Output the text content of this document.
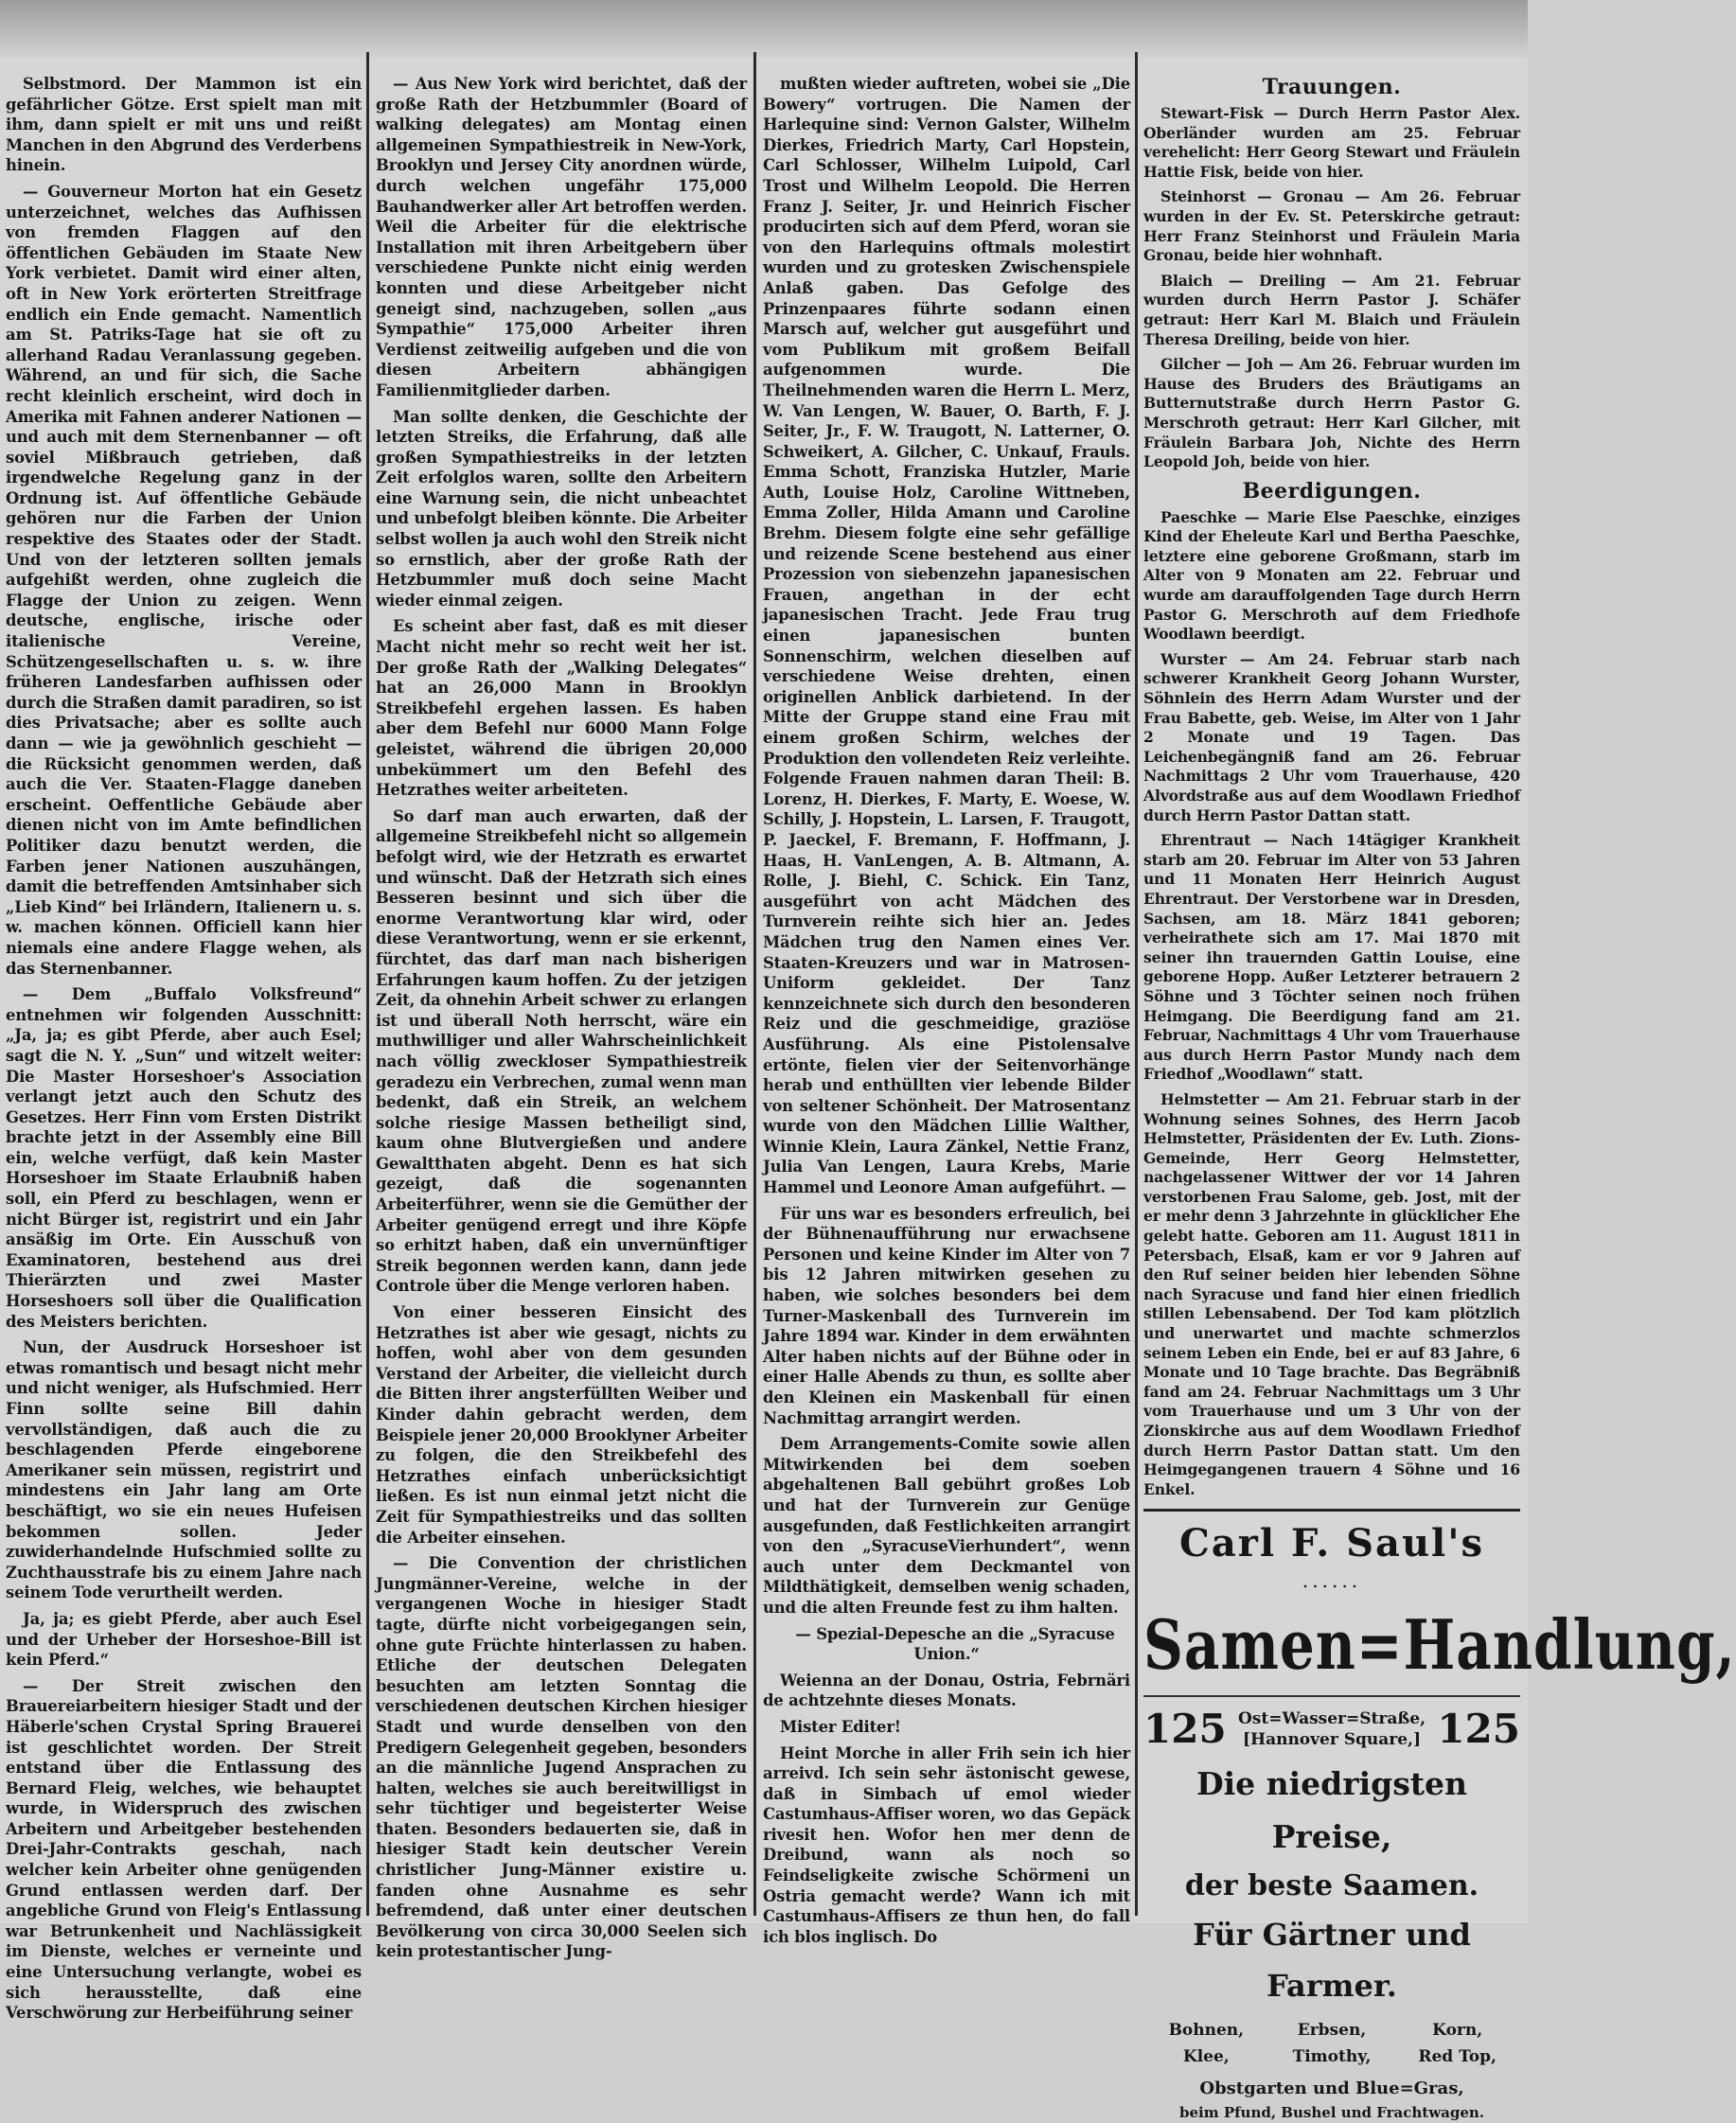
Selbstmord. Der Mammon ist ein gefährlicher Götze. Erst spielt man mit ihm, dann spielt er mit uns und reißt Manchen in den Abgrund des Verderbens hinein.

— Gouverneur Morton hat ein Gesetz unterzeichnet, welches das Aufhissen von fremden Flaggen auf den öffentlichen Gebäuden im Staate New York verbietet. Damit wird einer alten, oft in New York erörterten Streitfrage endlich ein Ende gemacht. Namentlich am St. Patriks-Tage hat sie oft zu allerhand Radau Veranlassung gegeben. Während, an und für sich, die Sache recht kleinlich erscheint, wird doch in Amerika mit Fahnen anderer Nationen — und auch mit dem Sternenbanner — oft soviel Mißbrauch getrieben, daß irgendwelche Regelung ganz in der Ordnung ist. Auf öffentliche Gebäude gehören nur die Farben der Union respektive des Staates oder der Stadt. Und von der letzteren sollten jemals aufgehißt werden, ohne zugleich die Flagge der Union zu zeigen. Wenn deutsche, englische, irische oder italienische Vereine, Schützengesellschaften u. s. w. ihre früheren Landesfarben aufhissen oder durch die Straßen damit paradiren, so ist dies Privatsache; aber es sollte auch dann — wie ja gewöhnlich geschieht — die Rücksicht genommen werden, daß auch die Ver. Staaten-Flagge daneben erscheint. Oeffentliche Gebäude aber dienen nicht von im Amte befindlichen Politiker dazu benutzt werden, die Farben jener Nationen auszuhängen, damit die betreffenden Amtsinhaber sich „Lieb Kind“ bei Irländern, Italienern u. s. w. machen können. Officiell kann hier niemals eine andere Flagge wehen, als das Sternenbanner.

— Dem „Buffalo Volksfreund“ entnehmen wir folgenden Ausschnitt: „Ja, ja; es gibt Pferde, aber auch Esel; sagt die N. Y. „Sun“ und witzelt weiter: Die Master Horseshoer's Association verlangt jetzt auch den Schutz des Gesetzes. Herr Finn vom Ersten Distrikt brachte jetzt in der Assembly eine Bill ein, welche verfügt, daß kein Master Horseshoer im Staate Erlaubniß haben soll, ein Pferd zu beschlagen, wenn er nicht Bürger ist, registrirt und ein Jahr ansäßig im Orte. Ein Ausschuß von Examinatoren, bestehend aus drei Thierärzten und zwei Master Horseshoers soll über die Qualification des Meisters berichten.

Nun, der Ausdruck Horseshoer ist etwas romantisch und besagt nicht mehr und nicht weniger, als Hufschmied. Herr Finn sollte seine Bill dahin vervollständigen, daß auch die zu beschlagenden Pferde eingeborene Amerikaner sein müssen, registrirt und mindestens ein Jahr lang am Orte beschäftigt, wo sie ein neues Hufeisen bekommen sollen. Jeder zuwiderhandelnde Hufschmied sollte zu Zuchthausstrafe bis zu einem Jahre nach seinem Tode verurtheilt werden.

Ja, ja; es giebt Pferde, aber auch Esel und der Urheber der Horseshoe-Bill ist kein Pferd.“

— Der Streit zwischen den Brauereiarbeitern hiesiger Stadt und der Häberle'schen Crystal Spring Brauerei ist geschlichtet worden. Der Streit entstand über die Entlassung des Bernard Fleig, welches, wie behauptet wurde, in Widerspruch des zwischen Arbeitern und Arbeitgeber bestehenden Drei-Jahr-Contrakts geschah, nach welcher kein Arbeiter ohne genügenden Grund entlassen werden darf. Der angebliche Grund von Fleig's Entlassung war Betrunkenheit und Nachlässigkeit im Dienste, welches er verneinte und eine Untersuchung verlangte, wobei es sich herausstellte, daß eine Verschwörung zur Herbeiführung seiner

— Aus New York wird berichtet, daß der große Rath der Hetzbummler (Board of walking delegates) am Montag einen allgemeinen Sympathiestreik in New-York, Brooklyn und Jersey City anordnen würde, durch welchen ungefähr 175,000 Bauhandwerker aller Art betroffen werden. Weil die Arbeiter für die elektrische Installation mit ihren Arbeitgebern über verschiedene Punkte nicht einig werden konnten und diese Arbeitgeber nicht geneigt sind, nachzugeben, sollen „aus Sympathie“ 175,000 Arbeiter ihren Verdienst zeitweilig aufgeben und die von diesen Arbeitern abhängigen Familienmitglieder darben.

Man sollte denken, die Geschichte der letzten Streiks, die Erfahrung, daß alle großen Sympathiestreiks in der letzten Zeit erfolglos waren, sollte den Arbeitern eine Warnung sein, die nicht unbeachtet und unbefolgt bleiben könnte. Die Arbeiter selbst wollen ja auch wohl den Streik nicht so ernstlich, aber der große Rath der Hetzbummler muß doch seine Macht wieder einmal zeigen.

Es scheint aber fast, daß es mit dieser Macht nicht mehr so recht weit her ist. Der große Rath der „Walking Delegates“ hat an 26,000 Mann in Brooklyn Streikbefehl ergehen lassen. Es haben aber dem Befehl nur 6000 Mann Folge geleistet, während die übrigen 20,000 unbekümmert um den Befehl des Hetzrathes weiter arbeiteten.

So darf man auch erwarten, daß der allgemeine Streikbefehl nicht so allgemein befolgt wird, wie der Hetzrath es erwartet und wünscht. Daß der Hetzrath sich eines Besseren besinnt und sich über die enorme Verantwortung klar wird, oder diese Verantwortung, wenn er sie erkennt, fürchtet, das darf man nach bisherigen Erfahrungen kaum hoffen. Zu der jetzigen Zeit, da ohnehin Arbeit schwer zu erlangen ist und überall Noth herrscht, wäre ein muthwilliger und aller Wahrscheinlichkeit nach völlig zweckloser Sympathiestreik geradezu ein Verbrechen, zumal wenn man bedenkt, daß ein Streik, an welchem solche riesige Massen betheiligt sind, kaum ohne Blutvergießen und andere Gewaltthaten abgeht. Denn es hat sich gezeigt, daß die sogenannten Arbeiterführer, wenn sie die Gemüther der Arbeiter genügend erregt und ihre Köpfe so erhitzt haben, daß ein unvernünftiger Streik begonnen werden kann, dann jede Controle über die Menge verloren haben.

Von einer besseren Einsicht des Hetzrathes ist aber wie gesagt, nichts zu hoffen, wohl aber von dem gesunden Verstand der Arbeiter, die vielleicht durch die Bitten ihrer angsterfüllten Weiber und Kinder dahin gebracht werden, dem Beispiele jener 20,000 Brooklyner Arbeiter zu folgen, die den Streikbefehl des Hetzrathes einfach unberücksichtigt ließen. Es ist nun einmal jetzt nicht die Zeit für Sympathiestreiks und das sollten die Arbeiter einsehen.

— Die Convention der christlichen Jungmänner-Vereine, welche in der vergangenen Woche in hiesiger Stadt tagte, dürfte nicht vorbeigegangen sein, ohne gute Früchte hinterlassen zu haben. Etliche der deutschen Delegaten besuchten am letzten Sonntag die verschiedenen deutschen Kirchen hiesiger Stadt und wurde denselben von den Predigern Gelegenheit gegeben, besonders an die männliche Jugend Ansprachen zu halten, welches sie auch bereitwilligst in sehr tüchtiger und begeisterter Weise thaten. Besonders bedauerten sie, daß in hiesiger Stadt kein deutscher Verein christlicher Jung-Männer existire u. fanden ohne Ausnahme es sehr befremdend, daß unter einer deutschen Bevölkerung von circa 30,000 Seelen sich kein protestantischer Jung-

mußten wieder auftreten, wobei sie „Die Bowery“ vortrugen. Die Namen der Harlequine sind: Vernon Galster, Wilhelm Dierkes, Friedrich Marty, Carl Hopstein, Carl Schlosser, Wilhelm Luipold, Carl Trost und Wilhelm Leopold. Die Herren Franz J. Seiter, Jr. und Heinrich Fischer producirten sich auf dem Pferd, woran sie von den Harlequins oftmals molestirt wurden und zu grotesken Zwischenspiele Anlaß gaben. Das Gefolge des Prinzenpaares führte sodann einen Marsch auf, welcher gut ausgeführt und vom Publikum mit großem Beifall aufgenommen wurde. Die Theilnehmenden waren die Herrn L. Merz, W. Van Lengen, W. Bauer, O. Barth, F. J. Seiter, Jr., F. W. Traugott, N. Latterner, O. Schweikert, A. Gilcher, C. Unkauf, Frauls. Emma Schott, Franziska Hutzler, Marie Auth, Louise Holz, Caroline Wittneben, Emma Zoller, Hilda Amann und Caroline Brehm. Diesem folgte eine sehr gefällige und reizende Scene bestehend aus einer Prozession von siebenzehn japanesischen Frauen, angethan in der echt japanesischen Tracht. Jede Frau trug einen japanesischen bunten Sonnenschirm, welchen dieselben auf verschiedene Weise drehten, einen originellen Anblick darbietend. In der Mitte der Gruppe stand eine Frau mit einem großen Schirm, welches der Produktion den vollendeten Reiz verleihte. Folgende Frauen nahmen daran Theil: B. Lorenz, H. Dierkes, F. Marty, E. Woese, W. Schilly, J. Hopstein, L. Larsen, F. Traugott, P. Jaeckel, F. Bremann, F. Hoffmann, J. Haas, H. VanLengen, A. B. Altmann, A. Rolle, J. Biehl, C. Schick. Ein Tanz, ausgeführt von acht Mädchen des Turnverein reihte sich hier an. Jedes Mädchen trug den Namen eines Ver. Staaten-Kreuzers und war in Matrosen-Uniform gekleidet. Der Tanz kennzeichnete sich durch den besonderen Reiz und die geschmeidige, graziöse Ausführung. Als eine Pistolensalve ertönte, fielen vier der Seitenvorhänge herab und enthüllten vier lebende Bilder von seltener Schönheit. Der Matrosentanz wurde von den Mädchen Lillie Walther, Winnie Klein, Laura Zänkel, Nettie Franz, Julia Van Lengen, Laura Krebs, Marie Hammel und Leonore Aman aufgeführt. —

Für uns war es besonders erfreulich, bei der Bühnenaufführung nur erwachsene Personen und keine Kinder im Alter von 7 bis 12 Jahren mitwirken gesehen zu haben, wie solches besonders bei dem Turner-Maskenball des Turnverein im Jahre 1894 war. Kinder in dem erwähnten Alter haben nichts auf der Bühne oder in einer Halle Abends zu thun, es sollte aber den Kleinen ein Maskenball für einen Nachmittag arrangirt werden.

Dem Arrangements-Comite sowie allen Mitwirkenden bei dem soeben abgehaltenen Ball gebührt großes Lob und hat der Turnverein zur Genüge ausgefunden, daß Festlichkeiten arrangirt von den „SyracuseVierhundert“, wenn auch unter dem Deckmantel von Mildthätigkeit, demselben wenig schaden, und die alten Freunde fest zu ihm halten.

— Spezial-Depesche an die „Syracuse Union.“

Weienna an der Donau, Ostria, Febrnäri de achtzehnte dieses Monats.

Mister Editer!

Heint Morche in aller Frih sein ich hier arreivd. Ich sein sehr ästonischt gewese, daß in Simbach uf emol wieder Castumhaus-Affiser woren, wo das Gepäck rivesit hen. Wofor hen mer denn de Dreibund, wann als noch so Feindseligkeite zwische Schörmeni un Ostria gemacht werde? Wann ich mit Castumhaus-Affisers ze thun hen, do fall ich blos inglisch. Do

Trauungen.

Stewart-Fisk — Durch Herrn Pastor Alex. Oberländer wurden am 25. Februar verehelicht: Herr Georg Stewart und Fräulein Hattie Fisk, beide von hier.

Steinhorst — Gronau — Am 26. Februar wurden in der Ev. St. Peterskirche getraut: Herr Franz Steinhorst und Fräulein Maria Gronau, beide hier wohnhaft.

Blaich — Dreiling — Am 21. Februar wurden durch Herrn Pastor J. Schäfer getraut: Herr Karl M. Blaich und Fräulein Theresa Dreiling, beide von hier.

Gilcher — Joh — Am 26. Februar wurden im Hause des Bruders des Bräutigams an Butternutstraße durch Herrn Pastor G. Merschroth getraut: Herr Karl Gilcher, mit Fräulein Barbara Joh, Nichte des Herrn Leopold Joh, beide von hier.

Beerdigungen.

Paeschke — Marie Else Paeschke, einziges Kind der Eheleute Karl und Bertha Paeschke, letztere eine geborene Großmann, starb im Alter von 9 Monaten am 22. Februar und wurde am darauffolgenden Tage durch Herrn Pastor G. Merschroth auf dem Friedhofe Woodlawn beerdigt.

Wurster — Am 24. Februar starb nach schwerer Krankheit Georg Johann Wurster, Söhnlein des Herrn Adam Wurster und der Frau Babette, geb. Weise, im Alter von 1 Jahr 2 Monate und 19 Tagen. Das Leichenbegängniß fand am 26. Februar Nachmittags 2 Uhr vom Trauerhause, 420 Alvordstraße aus auf dem Woodlawn Friedhof durch Herrn Pastor Dattan statt.

Ehrentraut — Nach 14tägiger Krankheit starb am 20. Februar im Alter von 53 Jahren und 11 Monaten Herr Heinrich August Ehrentraut. Der Verstorbene war in Dresden, Sachsen, am 18. März 1841 geboren; verheirathete sich am 17. Mai 1870 mit seiner ihn trauernden Gattin Louise, eine geborene Hopp. Außer Letzterer betrauern 2 Söhne und 3 Töchter seinen noch frühen Heimgang. Die Beerdigung fand am 21. Februar, Nachmittags 4 Uhr vom Trauerhause aus durch Herrn Pastor Mundy nach dem Friedhof „Woodlawn“ statt.

Helmstetter — Am 21. Februar starb in der Wohnung seines Sohnes, des Herrn Jacob Helmstetter, Präsidenten der Ev. Luth. Zions-Gemeinde, Herr Georg Helmstetter, nachgelassener Wittwer der vor 14 Jahren verstorbenen Frau Salome, geb. Jost, mit der er mehr denn 3 Jahrzehnte in glücklicher Ehe gelebt hatte. Geboren am 11. August 1811 in Petersbach, Elsaß, kam er vor 9 Jahren auf den Ruf seiner beiden hier lebenden Söhne nach Syracuse und fand hier einen friedlich stillen Lebensabend. Der Tod kam plötzlich und unerwartet und machte schmerzlos seinem Leben ein Ende, bei er auf 83 Jahre, 6 Monate und 10 Tage brachte. Das Begräbniß fand am 24. Februar Nachmittags um 3 Uhr vom Trauerhause und um 3 Uhr von der Zionskirche aus auf dem Woodlawn Friedhof durch Herrn Pastor Dattan statt. Um den Heimgegangenen trauern 4 Söhne und 16 Enkel.

Carl F. Saul's
......
Samen=Handlung,
125 Ost=Wasser=Straße,
[Hannover Square,] 125
Die niedrigsten Preise,
der beste Saamen.
Für Gärtner und Farmer.
Bohnen,	Erbsen,	Korn,
Klee,	Timothy,	Red Top,
Obstgarten und Blue=Gras,
beim Pfund, Bushel und Frachtwagen.
